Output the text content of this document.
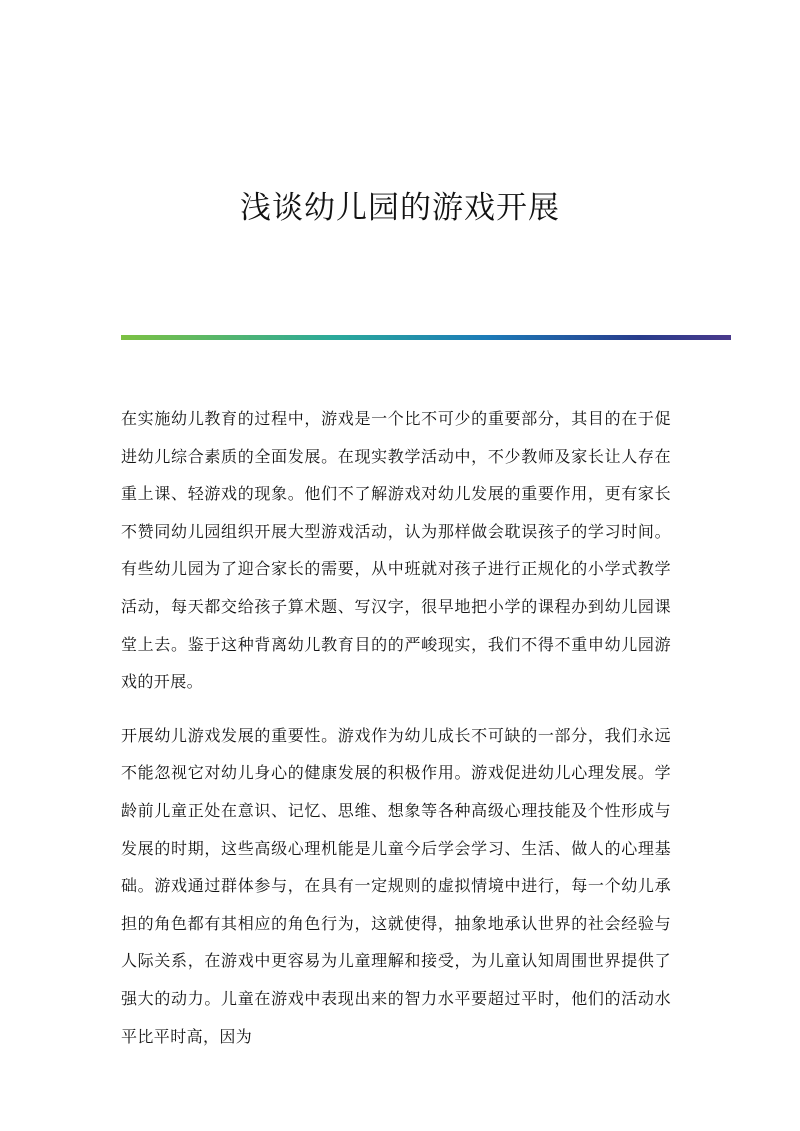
浅谈幼儿园的游戏开展

在实施幼儿教育的过程中，游戏是一个比不可少的重要部分，其目的在于促进幼儿综合素质的全面发展。在现实教学活动中，不少教师及家长让人存在重上课、轻游戏的现象。他们不了解游戏对幼儿发展的重要作用，更有家长不赞同幼儿园组织开展大型游戏活动，认为那样做会耽误孩子的学习时间。有些幼儿园为了迎合家长的需要，从中班就对孩子进行正规化的小学式教学活动，每天都交给孩子算术题、写汉字，很早地把小学的课程办到幼儿园课堂上去。鉴于这种背离幼儿教育目的的严峻现实，我们不得不重申幼儿园游戏的开展。

开展幼儿游戏发展的重要性。游戏作为幼儿成长不可缺的一部分，我们永远不能忽视它对幼儿身心的健康发展的积极作用。游戏促进幼儿心理发展。学龄前儿童正处在意识、记忆、思维、想象等各种高级心理技能及个性形成与发展的时期，这些高级心理机能是儿童今后学会学习、生活、做人的心理基础。游戏通过群体参与，在具有一定规则的虚拟情境中进行，每一个幼儿承担的角色都有其相应的角色行为，这就使得，抽象地承认世界的社会经验与人际关系，在游戏中更容易为儿童理解和接受，为儿童认知周围世界提供了强大的动力。儿童在游戏中表现出来的智力水平要超过平时，他们的活动水平比平时高，因为
